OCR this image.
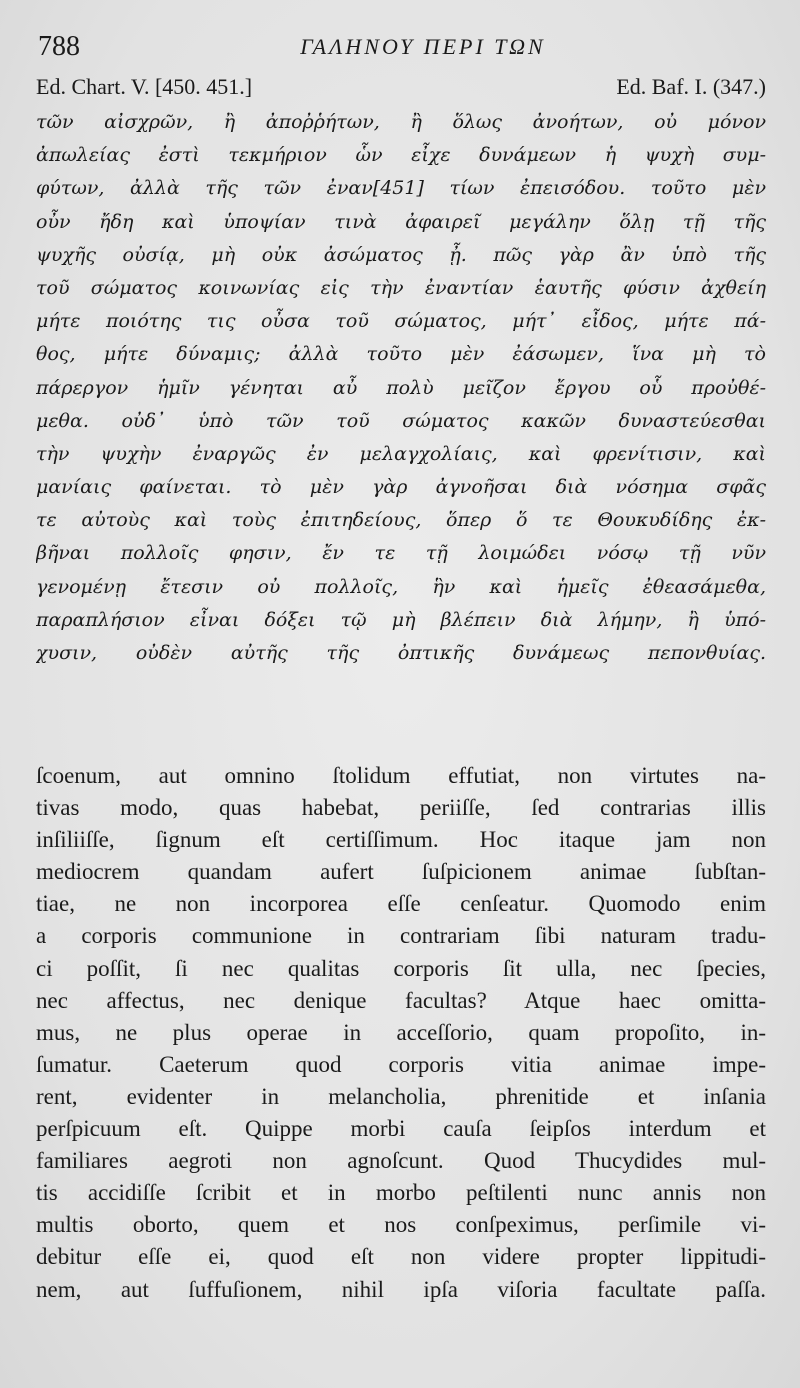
788	ΓΑΛΗΝΟΥ ΠΕΡΙ ΤΩΝ
Ed. Chart. V. [450. 451.]	Ed. Baf. I. (347.)
τῶν αἰσχρῶν, ἢ ἀποῤῥήτων, ἢ ὅλως ἀνοήτων, οὐ μόνον
ἀπωλείας ἐστὶ τεκμήριον ὧν εἶχε δυνάμεων ἡ ψυχὴ συμ-
φύτων, ἀλλὰ τῆς τῶν ἐναν[451] τίων ἐπεισόδου. τοῦτο μὲν
οὖν ἤδη καὶ ὑποψίαν τινὰ ἀφαιρεῖ μεγάλην ὅλῃ τῇ τῆς
ψυχῆς οὐσίᾳ, μὴ οὐκ ἀσώματος ᾖ. πῶς γὰρ ἂν ὑπὸ τῆς
τοῦ σώματος κοινωνίας εἰς τὴν ἐναντίαν ἑαυτῆς φύσιν ἀχθείη
μήτε ποιότης τις οὖσα τοῦ σώματος, μήτ᾽ εἶδος, μήτε πά-
θος, μήτε δύναμις; ἀλλὰ τοῦτο μὲν ἐάσωμεν, ἵνα μὴ τὸ
πάρεργον ἡμῖν γένηται αὖ πολὺ μεῖζον ἔργου οὗ προὐθέ-
μεθα. οὐδ᾽ ὑπὸ τῶν τοῦ σώματος κακῶν δυναστεύεσθαι
τὴν ψυχὴν ἐναργῶς ἐν μελαγχολίαις, καὶ φρενίτισιν, καὶ
μανίαις φαίνεται. τὸ μὲν γὰρ ἀγνοῆσαι διὰ νόσημα σφᾶς
τε αὐτοὺς καὶ τοὺς ἐπιτηδείους, ὅπερ ὅ τε Θουκυδίδης ἐκ-
βῆναι πολλοῖς φησιν, ἔν τε τῇ λοιμώδει νόσῳ τῇ νῦν
γενομένῃ ἔτεσιν οὐ πολλοῖς, ἣν καὶ ἡμεῖς ἐθεασάμεθα,
παραπλήσιον εἶναι δόξει τῷ μὴ βλέπειν διὰ λήμην, ἢ ὑπό-
χυσιν, οὐδὲν αὐτῆς τῆς ὀπτικῆς δυνάμεως πεπονθυίας.
ſcoenum, aut omnino ſtolidum effutiat, non virtutes na-
tivas modo, quas habebat, periiſſe, ſed contrarias illis
inſiliiſſe, ſignum eſt certiſſimum. Hoc itaque jam non
mediocrem quandam aufert ſuſpicionem animae ſubſtan-
tiae, ne non incorporea eſſe cenſeatur. Quomodo enim
a corporis communione in contrariam ſibi naturam tradu-
ci poſſit, ſi nec qualitas corporis ſit ulla, nec ſpecies,
nec affectus, nec denique facultas? Atque haec omitta-
mus, ne plus operae in acceſſorio, quam propoſito, in-
ſumatur. Caeterum quod corporis vitia animae impe-
rent, evidenter in melancholia, phrenitide et inſania
perſpicuum eſt. Quippe morbi cauſa ſeipſos interdum et
familiares aegroti non agnoſcunt. Quod Thucydides mul-
tis accidiſſe ſcribit et in morbo peſtilenti nunc annis non
multis oborto, quem et nos conſpeximus, perſimile vi-
debitur eſſe ei, quod eſt non videre propter lippitudi-
nem, aut ſuffuſionem, nihil ipſa viſoria facultate paſſa.
